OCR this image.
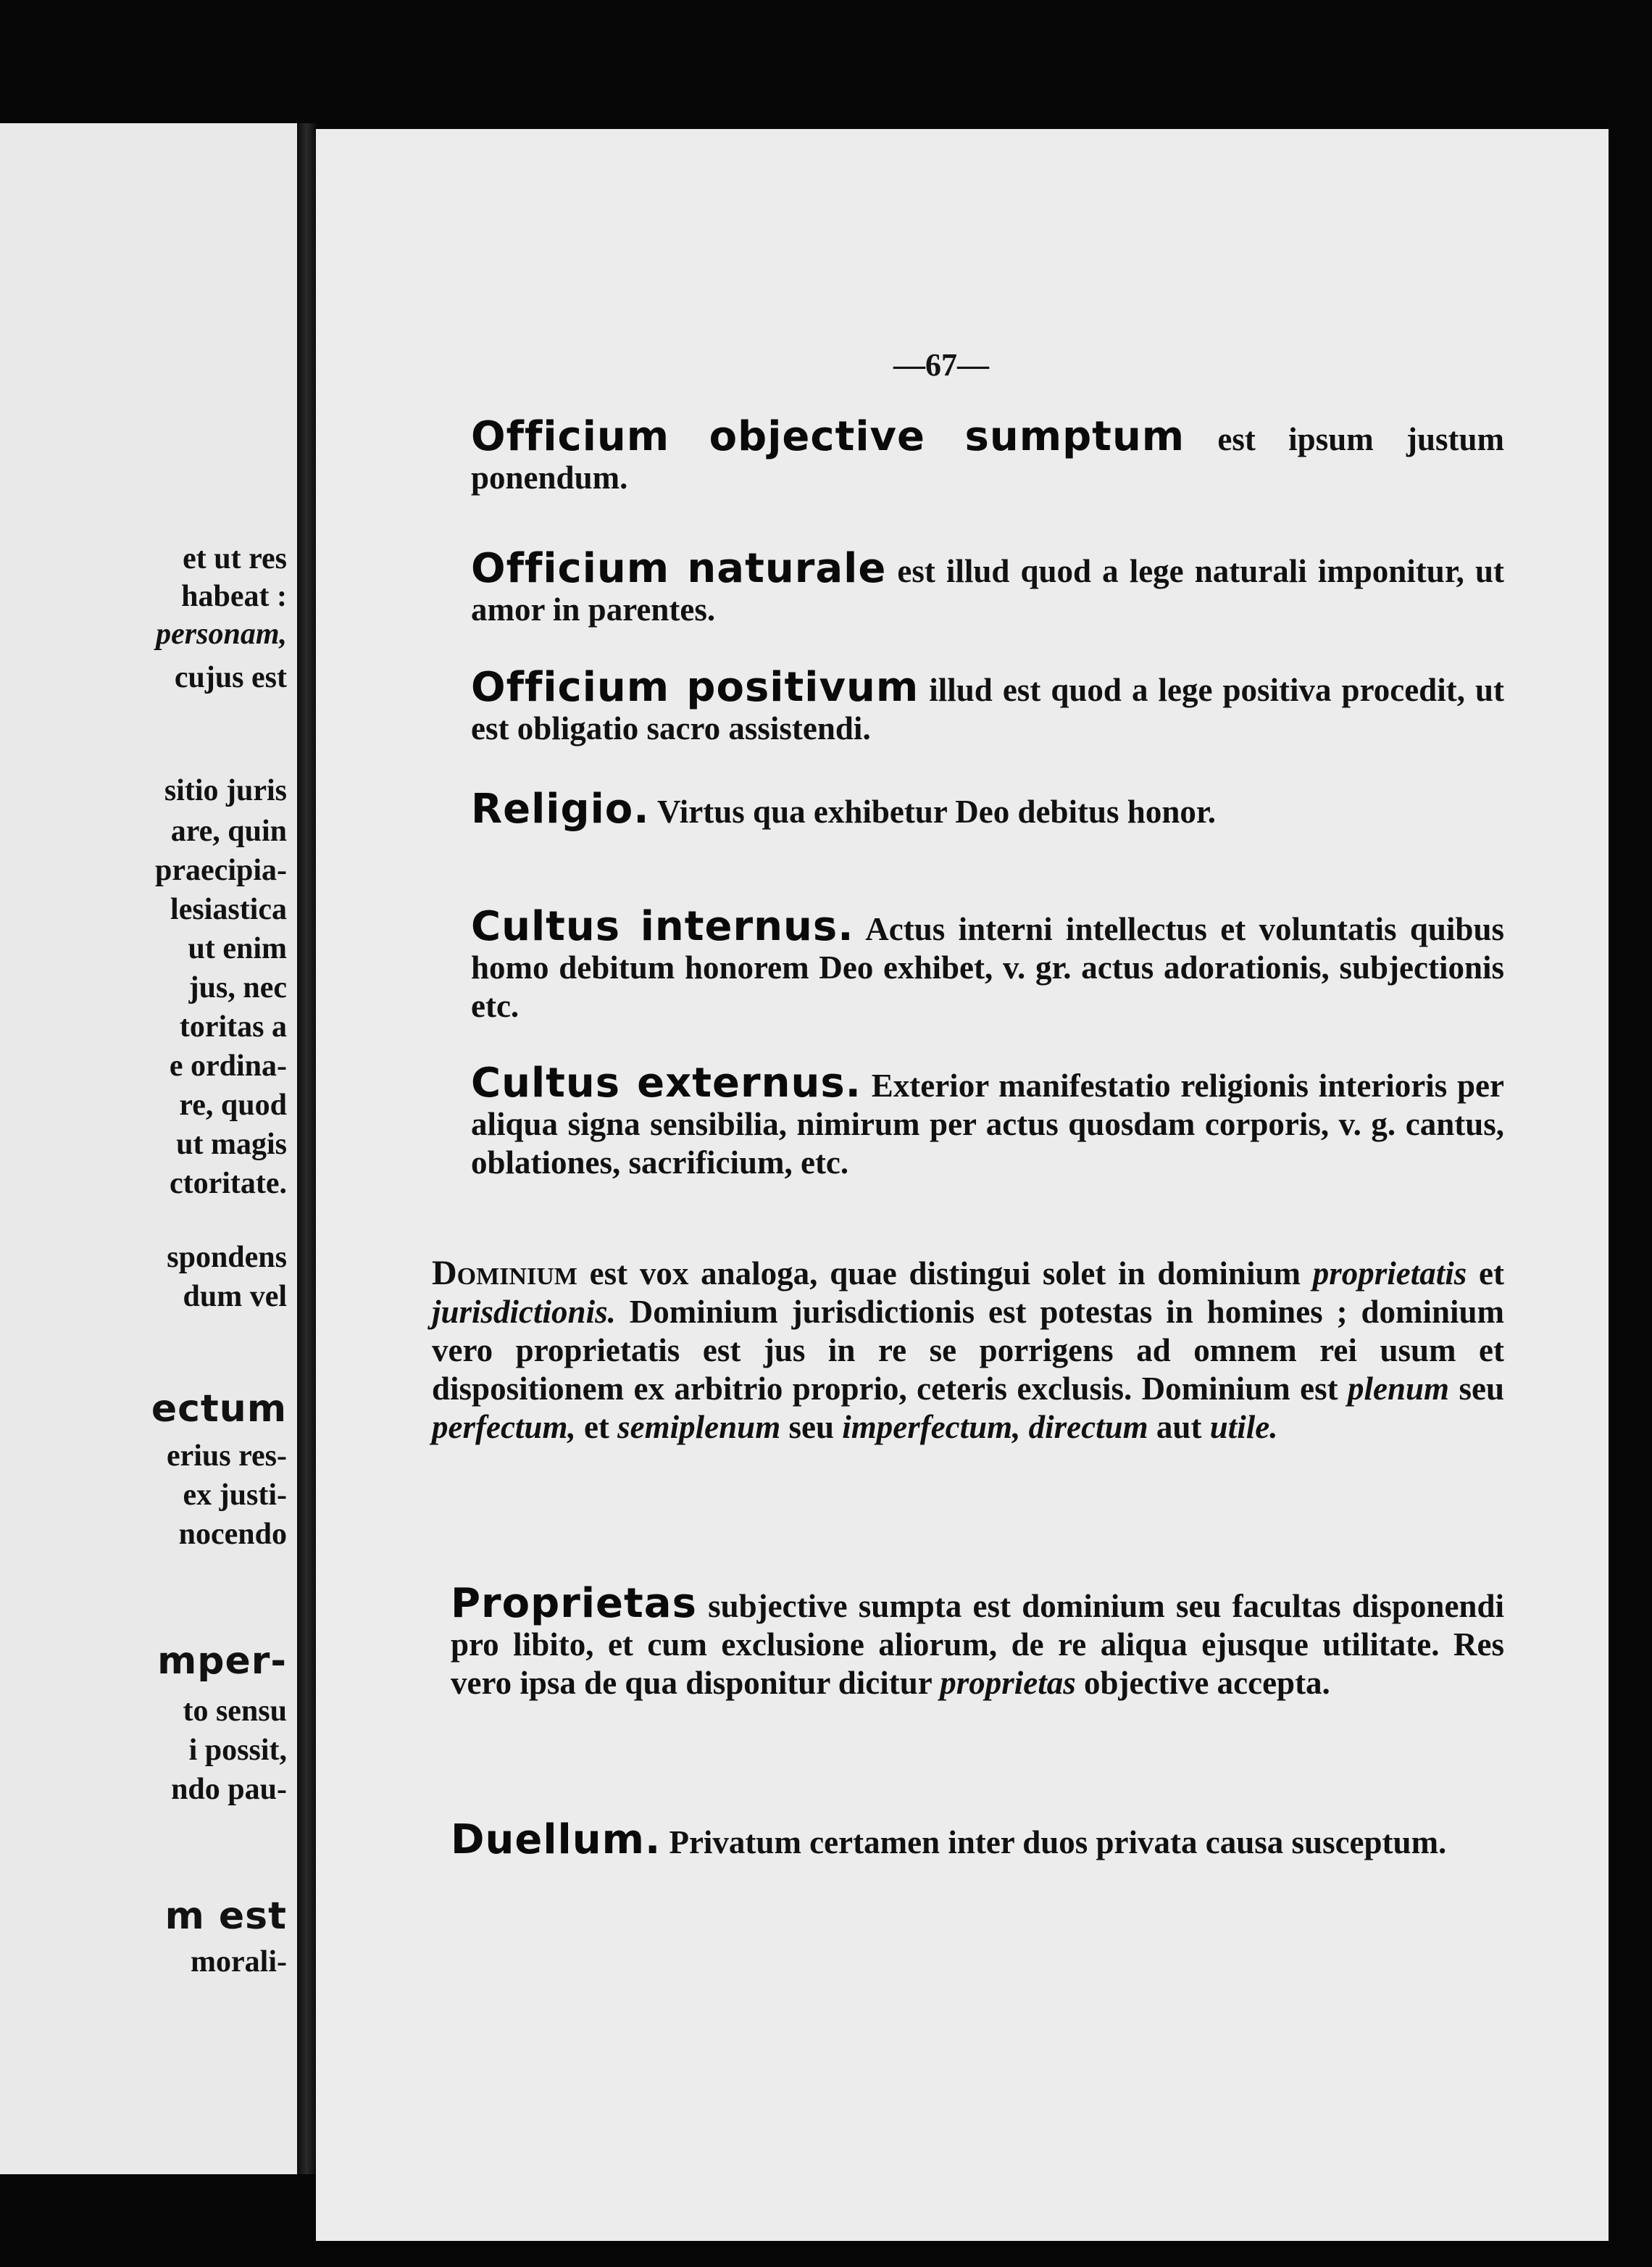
et ut res
habeat :
personam,
cujus est
sitio juris
are, quin
praecipia-
lesiastica
ut enim
jus, nec
toritas a
e ordina-
re, quod
ut magis
ctoritate.
spondens
dum vel
ectum
erius res-
ex justi-
nocendo
mper-
to sensu
i possit,
ndo pau-
m est
morali-
—67—
Officium objective sumptum est ipsum justum ponendum.
Officium naturale est illud quod a lege naturali imponitur, ut amor in parentes.
Officium positivum illud est quod a lege positiva procedit, ut est obligatio sacro assistendi.
Religio. Virtus qua exhibetur Deo debitus honor.
Cultus internus. Actus interni intellectus et voluntatis quibus homo debitum honorem Deo exhibet, v. gr. actus adorationis, subjectionis etc.
Cultus externus. Exterior manifestatio religionis interioris per aliqua signa sensibilia, nimirum per actus quosdam corporis, v. g. cantus, oblationes, sacrificium, etc.
Dominium est vox analoga, quae distingui solet in dominium proprietatis et jurisdictionis. Dominium jurisdictionis est potestas in homines ; dominium vero proprietatis est jus in re se porrigens ad omnem rei usum et dispositionem ex arbitrio proprio, ceteris exclusis. Dominium est plenum seu perfectum, et semiplenum seu imperfectum, directum aut utile.
Proprietas subjective sumpta est dominium seu facultas disponendi pro libito, et cum exclusione aliorum, de re aliqua ejusque utilitate. Res vero ipsa de qua disponitur dicitur proprietas objective accepta.
Duellum. Privatum certamen inter duos privata causa susceptum.
